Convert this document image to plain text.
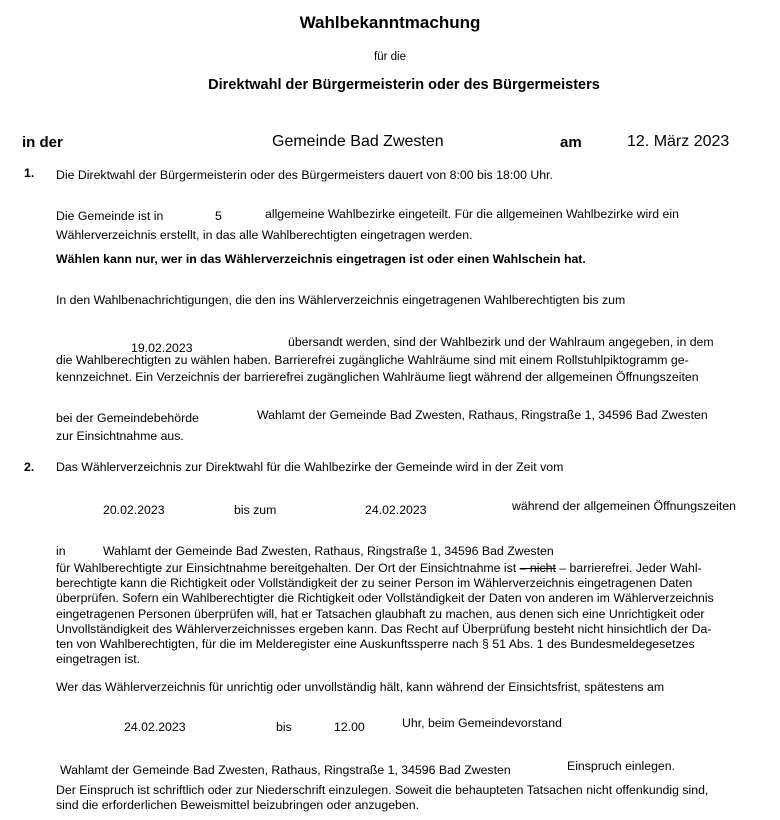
Wahlbekanntmachung
für die
Direktwahl der Bürgermeisterin oder des Bürgermeisters
in der	Gemeinde Bad Zwesten	am	12. März 2023
1. Die Direktwahl der Bürgermeisterin oder des Bürgermeisters dauert von 8:00 bis 18:00 Uhr.
Die Gemeinde ist in	5	allgemeine Wahlbezirke eingeteilt. Für die allgemeinen Wahlbezirke wird ein
Wählerverzeichnis erstellt, in das alle Wahlberechtigten eingetragen werden.
Wählen kann nur, wer in das Wählerverzeichnis eingetragen ist oder einen Wahlschein hat.
In den Wahlbenachrichtigungen, die den ins Wählerverzeichnis eingetragenen Wahlberechtigten bis zum
19.02.2023	übersandt werden, sind der Wahlbezirk und der Wahlraum angegeben, in dem
die Wahlberechtigten zu wählen haben. Barrierefrei zugängliche Wahlräume sind mit einem Rollstuhlpiktogramm ge-
kennzeichnet. Ein Verzeichnis der barrierefrei zugänglichen Wahlräume liegt während der allgemeinen Öffnungszeiten
bei der Gemeindebehörde	Wahlamt der Gemeinde Bad Zwesten, Rathaus, Ringstraße 1, 34596 Bad Zwesten
zur Einsichtnahme aus.
2. Das Wählerverzeichnis zur Direktwahl für die Wahlbezirke der Gemeinde wird in der Zeit vom
20.02.2023	bis zum	24.02.2023	während der allgemeinen Öffnungszeiten
in	Wahlamt der Gemeinde Bad Zwesten, Rathaus, Ringstraße 1, 34596 Bad Zwesten
für Wahlberechtigte zur Einsichtnahme bereitgehalten. Der Ort der Einsichtnahme ist – nicht – barrierefrei. Jeder Wahl-
berechtigte kann die Richtigkeit oder Vollständigkeit der zu seiner Person im Wählerverzeichnis eingetragenen Daten
überprüfen. Sofern ein Wahlberechtigter die Richtigkeit oder Vollständigkeit der Daten von anderen im Wählerverzeichnis
eingetragenen Personen überprüfen will, hat er Tatsachen glaubhaft zu machen, aus denen sich eine Unrichtigkeit oder
Unvollständigkeit des Wählerverzeichnisses ergeben kann. Das Recht auf Überprüfung besteht nicht hinsichtlich der Da-
ten von Wahlberechtigten, für die im Melderegister eine Auskunftssperre nach § 51 Abs. 1 des Bundesmeldegesetzes
eingetragen ist.
Wer das Wählerverzeichnis für unrichtig oder unvollständig hält, kann während der Einsichtsfrist, spätestens am
24.02.2023	bis	12.00	Uhr, beim Gemeindevorstand
Wahlamt der Gemeinde Bad Zwesten, Rathaus, Ringstraße 1, 34596 Bad Zwesten	Einspruch einlegen.
Der Einspruch ist schriftlich oder zur Niederschrift einzulegen. Soweit die behaupteten Tatsachen nicht offenkundig sind,
sind die erforderlichen Beweismittel beizubringen oder anzugeben.
